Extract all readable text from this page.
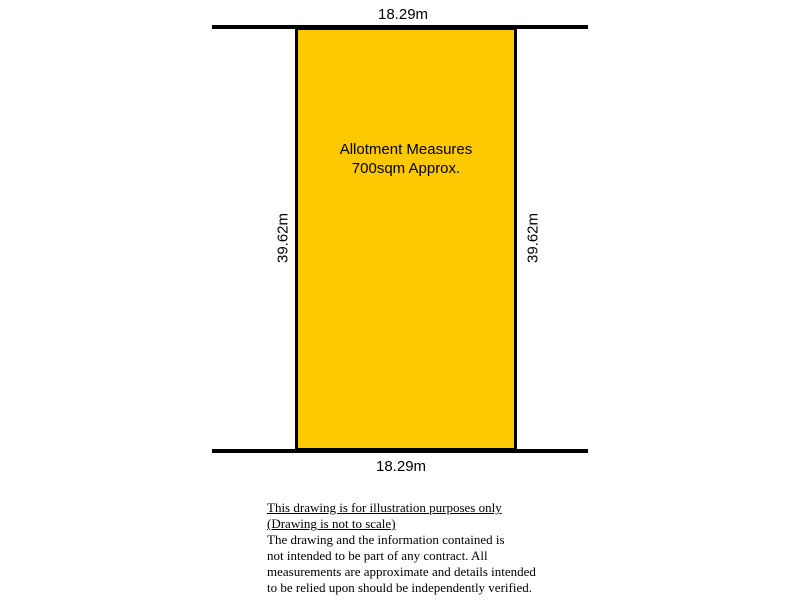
18.29m
18.29m
39.62m	39.62m
Allotment Measures
700sqm Approx.
This drawing is for illustration purposes only
(Drawing is not to scale)
The drawing and the information contained is
not intended to be part of any contract. All
measurements are approximate and details intended
to be relied upon should be independently verified.
